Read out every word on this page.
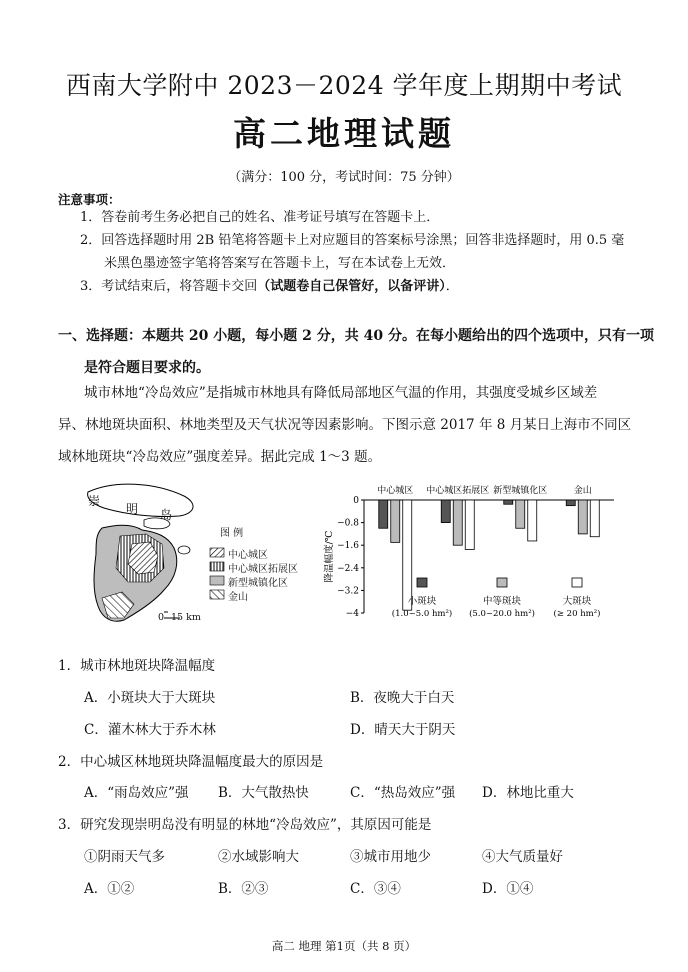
西南大学附中 2023－2024 学年度上期期中考试
高二地理试题
（满分：100 分，考试时间：75 分钟）
注意事项：
1．答卷前考生务必把自己的姓名、准考证号填写在答题卡上．
2．回答选择题时用 2B 铅笔将答题卡上对应题目的答案标号涂黑；回答非选择题时，用 0.5 毫
米黑色墨迹签字笔将答案写在答题卡上，写在本试卷上无效．
3．考试结束后，将答题卡交回（试题卷自己保管好，以备评讲）．
一、选择题：本题共 20 小题，每小题 2 分，共 40 分。在每小题给出的四个选项中，只有一项
是符合题目要求的。
城市林地“冷岛效应”是指城市林地具有降低局部地区气温的作用，其强度受城乡区域差
异、林地斑块面积、林地类型及天气状况等因素影响。下图示意 2017 年 8 月某日上海市不同区
域林地斑块“冷岛效应”强度差异。据此完成 1～3 题。
崇
明 岛
图 例
中心城区
中心城区拓展区
新型城镇化区
金山
0 15 km
0
−0.8
−1.6
−2.4
−3.2
−4
降温幅度/℃
中心城区 中心城区拓展区 新型城镇化区	金山
小斑块
(1.0~5.0 hm²)
中等斑块
(5.0~20.0 hm²)
大斑块
(≥ 20 hm²)
1．城市林地斑块降温幅度
A．小斑块大于大斑块	B．夜晚大于白天
C．灌木林大于乔木林	D．晴天大于阴天
2．中心城区林地斑块降温幅度最大的原因是
A．“雨岛效应”强 B．大气散热快	C．“热岛效应”强 D．林地比重大
3．研究发现崇明岛没有明显的林地“冷岛效应”，其原因可能是
①阴雨天气多	②水域影响大	③城市用地少	④大气质量好
A．①②	B．②③	C．③④	D．①④
高二 地理 第1页（共 8 页）
